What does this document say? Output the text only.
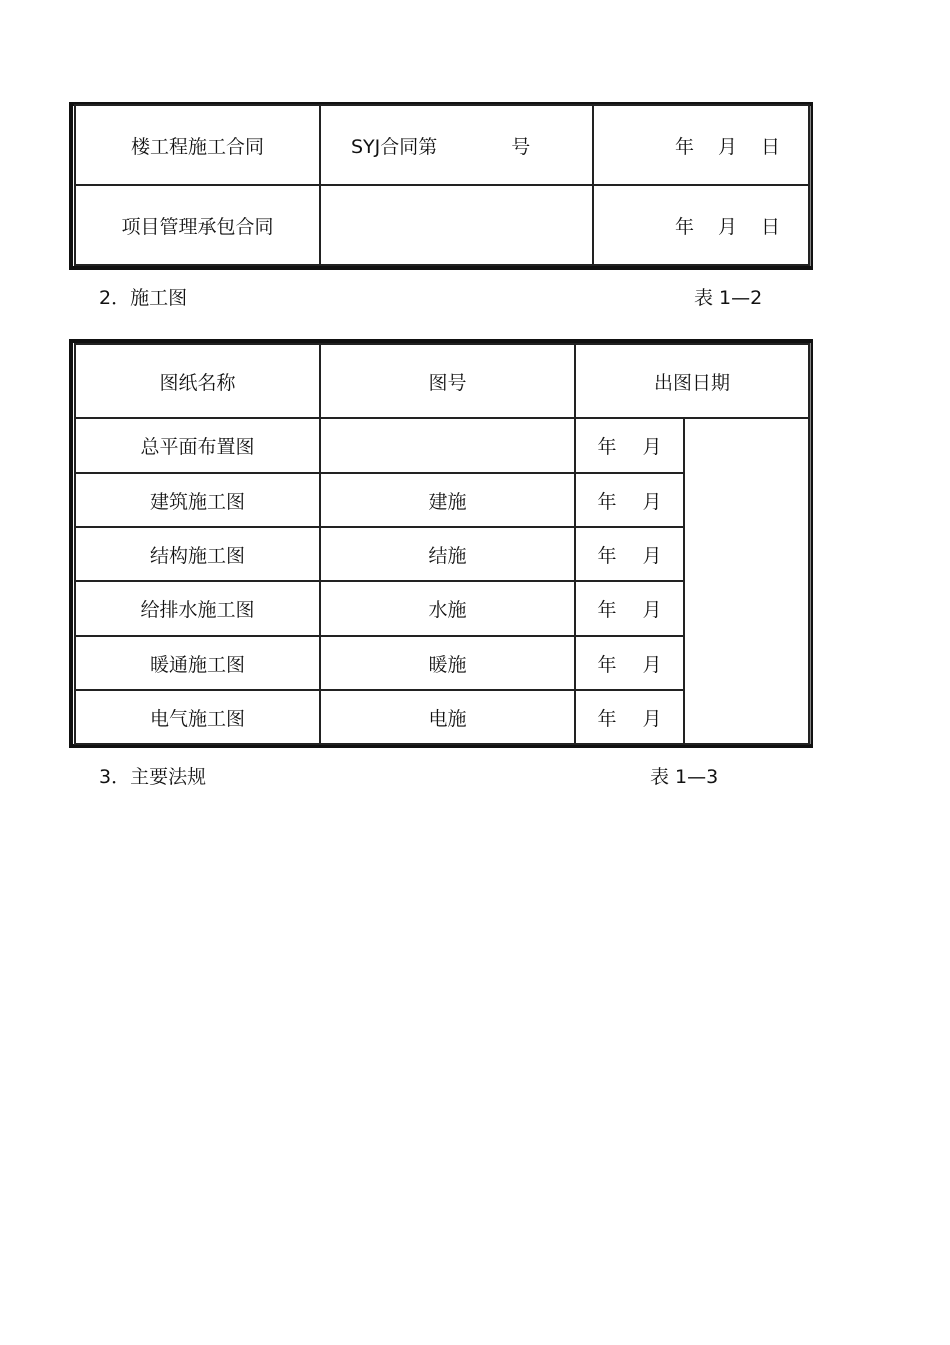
楼工程施工合同	SYJ合同第 号	年 月 日

项目管理承包合同		年 月 日
2．施工图	表 1—2
图纸名称	图号	出图日期	
总平面布置图		年 月	

建筑施工图	建施	年 月	

结构施工图	结施	年 月	

给排水施工图	水施	年 月	

暖通施工图	暖施	年 月	

电气施工图	电施	年 月	
3．主要法规	表 1—3
